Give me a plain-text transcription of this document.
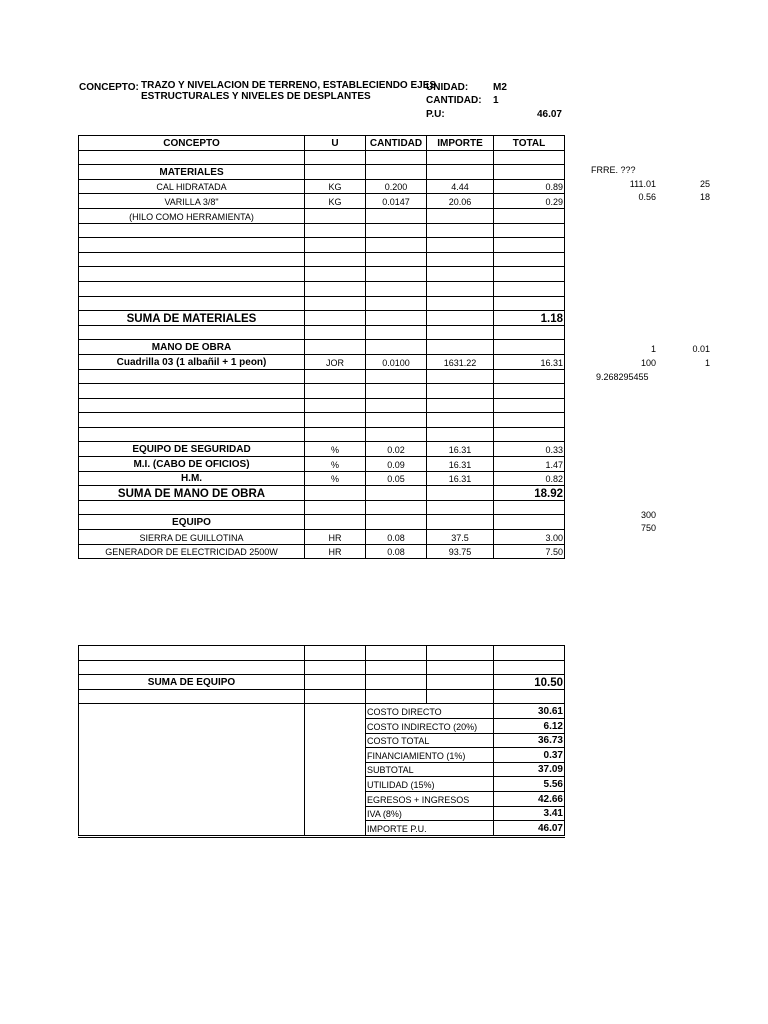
CONCEPTO: TRAZO Y NIVELACION DE TERRENO, ESTABLECIENDO EJES
ESTRUCTURALES Y NIVELES DE DESPLANTES
UNIDAD: M2
CANTIDAD: 1
P.U:	46.07
CONCEPTO	U	CANTIDAD	IMPORTE	TOTAL

MATERIALES				
CAL HIDRATADA	KG	0.200	4.44	0.89
VARILLA 3/8"	KG	0.0147	20.06	0.29
(HILO COMO HERRAMIENTA)				

SUMA DE MATERIALES				1.18

MANO DE OBRA				
Cuadrilla 03 (1 albañil + 1 peon)	JOR	0.0100	1631.22	16.31

EQUIPO DE SEGURIDAD	%	0.02	16.31	0.33
M.I. (CABO DE OFICIOS)	%	0.09	16.31	1.47
H.M.	%	0.05	16.31	0.82
SUMA DE MANO DE OBRA				18.92

EQUIPO				
SIERRA DE GUILLOTINA	HR	0.08	37.5	3.00
GENERADOR DE ELECTRICIDAD 2500W	HR	0.08	93.75	7.50
FRRE. ???
111.01	25
0.56	18
1	0.01
100	1
9.268295455
300
750

SUMA DE EQUIPO				10.50

		COSTO DIRECTO		30.61
		COSTO INDIRECTO (20%)		6.12
		COSTO TOTAL		36.73
		FINANCIAMIENTO (1%)		0.37
		SUBTOTAL		37.09
		UTILIDAD (15%)		5.56
		EGRESOS + INGRESOS		42.66
		IVA (8%)		3.41
		IMPORTE P.U.		46.07
